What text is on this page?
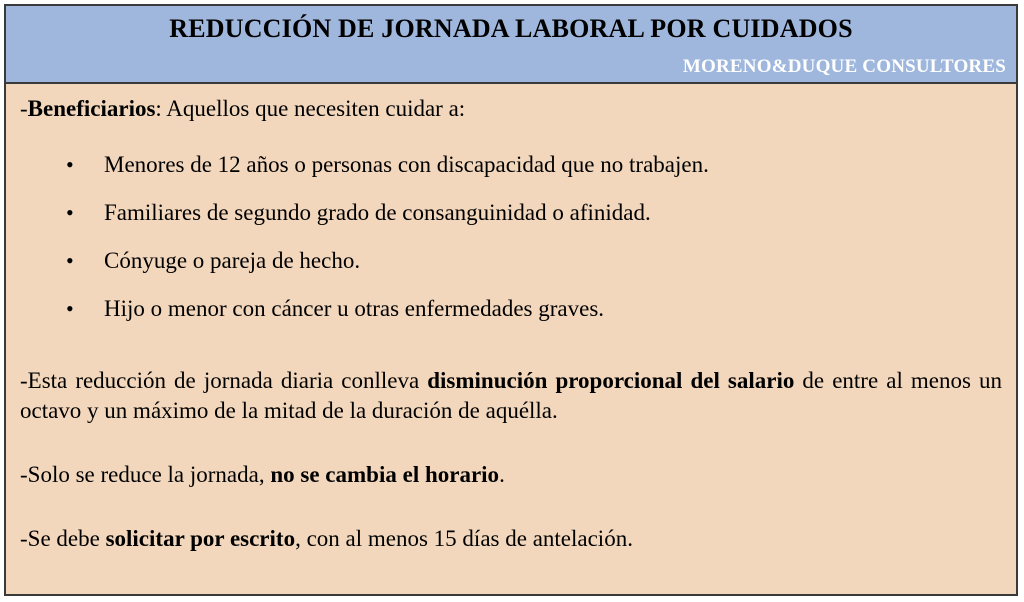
REDUCCIÓN DE JORNADA LABORAL POR CUIDADOS
MORENO&DUQUE CONSULTORES

-Beneficiarios: Aquellos que necesiten cuidar a:

• Menores de 12 años o personas con discapacidad que no trabajen.
• Familiares de segundo grado de consanguinidad o afinidad.
• Cónyuge o pareja de hecho.
• Hijo o menor con cáncer u otras enfermedades graves.

-Esta reducción de jornada diaria conlleva disminución proporcional del salario de entre al menos un octavo y un máximo de la mitad de la duración de aquélla.

-Solo se reduce la jornada, no se cambia el horario.

-Se debe solicitar por escrito, con al menos 15 días de antelación.
